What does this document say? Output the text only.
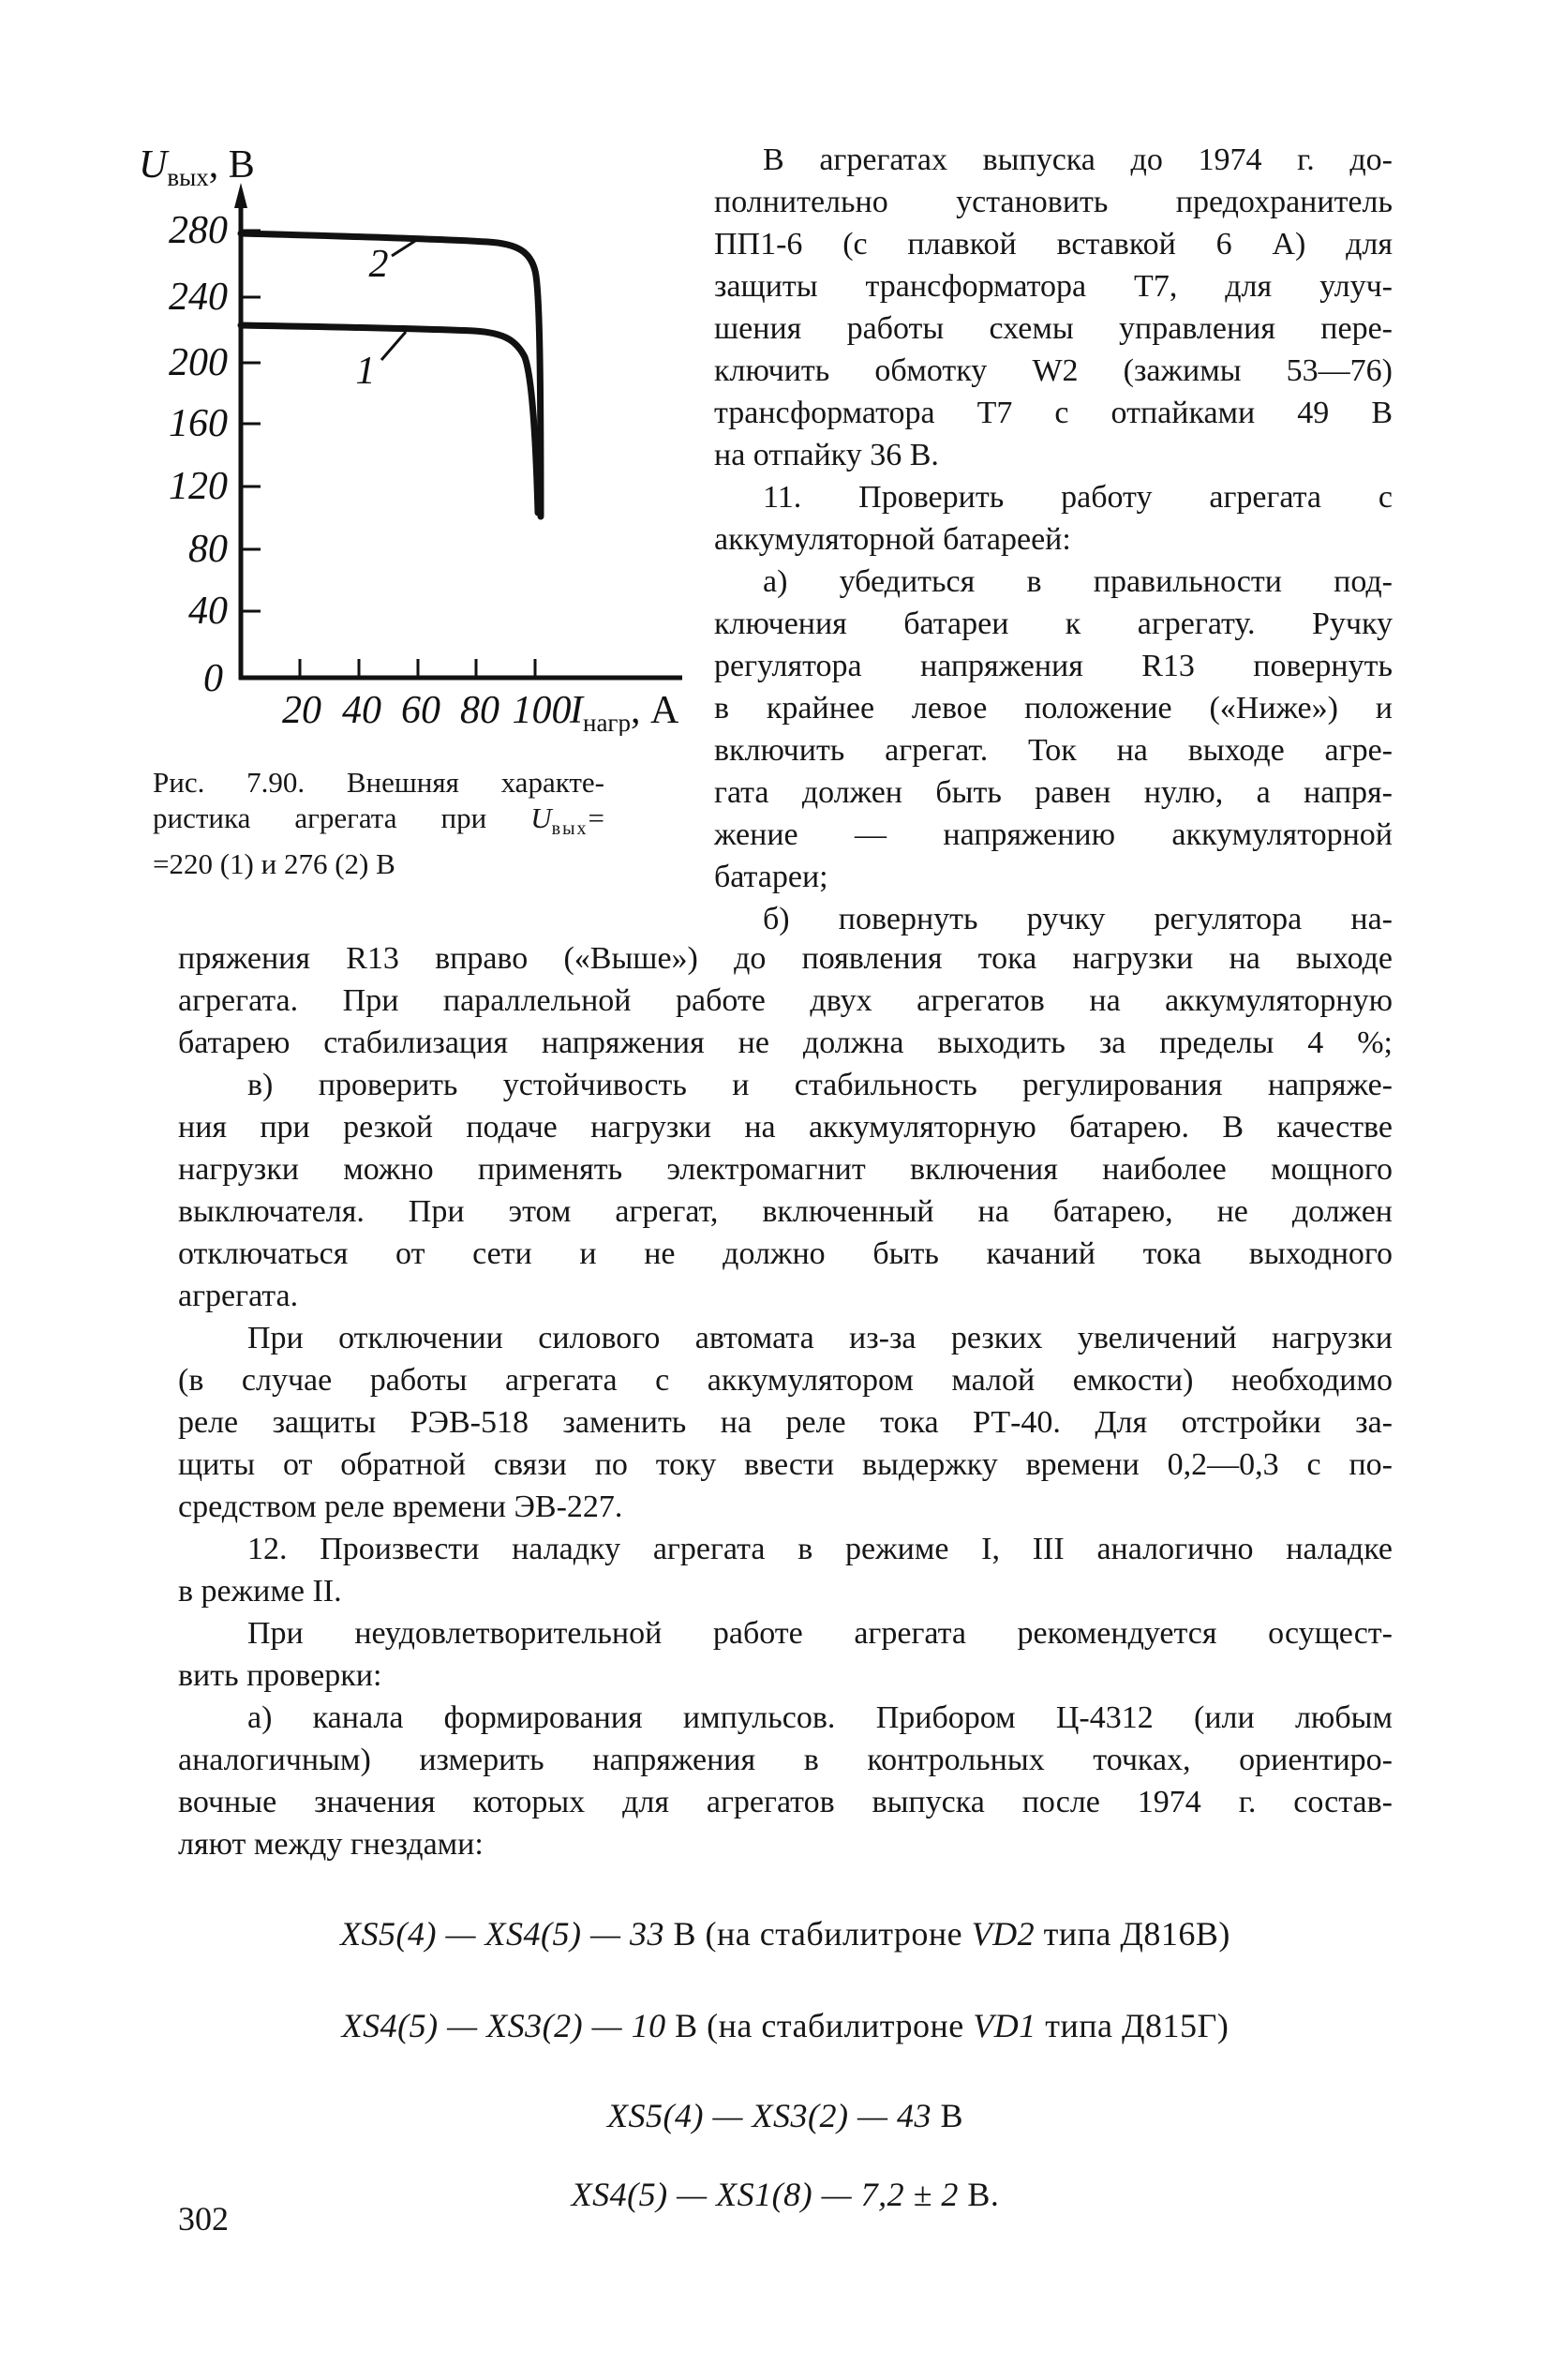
280
240
200
160
120
80
40
0
20 40 60 80 100
$U_{вых}$, В
$I_{нагр}$, А
2
1
Рис. 7.90. Внешняя характе-
ристика агрегата при $U_{вых}=$
=220 (1) и 276 (2) В
В агрегатах выпуска до 1974 г. до-
полнительно установить предохранитель
ПП1-6 (с плавкой вставкой 6 А) для
защиты трансформатора Т7, для улуч-
шения работы схемы управления пере-
ключить обмотку W2 (зажимы 53—76)
трансформатора Т7 с отпайками 49 В
на отпайку 36 В.
11. Проверить работу агрегата с
аккумуляторной батареей:
а) убедиться в правильности под-
ключения батареи к агрегату. Ручку
регулятора напряжения R13 повернуть
в крайнее левое положение («Ниже») и
включить агрегат. Ток на выходе агре-
гата должен быть равен нулю, а напря-
жение — напряжению аккумуляторной
батареи;
б) повернуть ручку регулятора на-
пряжения R13 вправо («Выше») до появления тока нагрузки на выходе
агрегата. При параллельной работе двух агрегатов на аккумуляторную
батарею стабилизация напряжения не должна выходить за пределы 4 %;
в) проверить устойчивость и стабильность регулирования напряже-
ния при резкой подаче нагрузки на аккумуляторную батарею. В качестве
нагрузки можно применять электромагнит включения наиболее мощного
выключателя. При этом агрегат, включенный на батарею, не должен
отключаться от сети и не должно быть качаний тока выходного
агрегата.
При отключении силового автомата из-за резких увеличений нагрузки
(в случае работы агрегата с аккумулятором малой емкости) необходимо
реле защиты РЭВ-518 заменить на реле тока РТ-40. Для отстройки за-
щиты от обратной связи по току ввести выдержку времени 0,2—0,3 с по-
средством реле времени ЭВ-227.
12. Произвести наладку агрегата в режиме I, III аналогично наладке
в режиме II.
При неудовлетворительной работе агрегата рекомендуется осущест-
вить проверки:
а) канала формирования импульсов. Прибором Ц-4312 (или любым
аналогичным) измерить напряжения в контрольных точках, ориентиро-
вочные значения которых для агрегатов выпуска после 1974 г. состав-
ляют между гнездами:
XS5(4) — XS4(5) — 33 В (на стабилитроне VD2 типа Д816В)
XS4(5) — XS3(2) — 10 В (на стабилитроне VD1 типа Д815Г)
XS5(4) — XS3(2) — 43 В
XS4(5) — XS1(8) — 7,2 ± 2 В.
302
